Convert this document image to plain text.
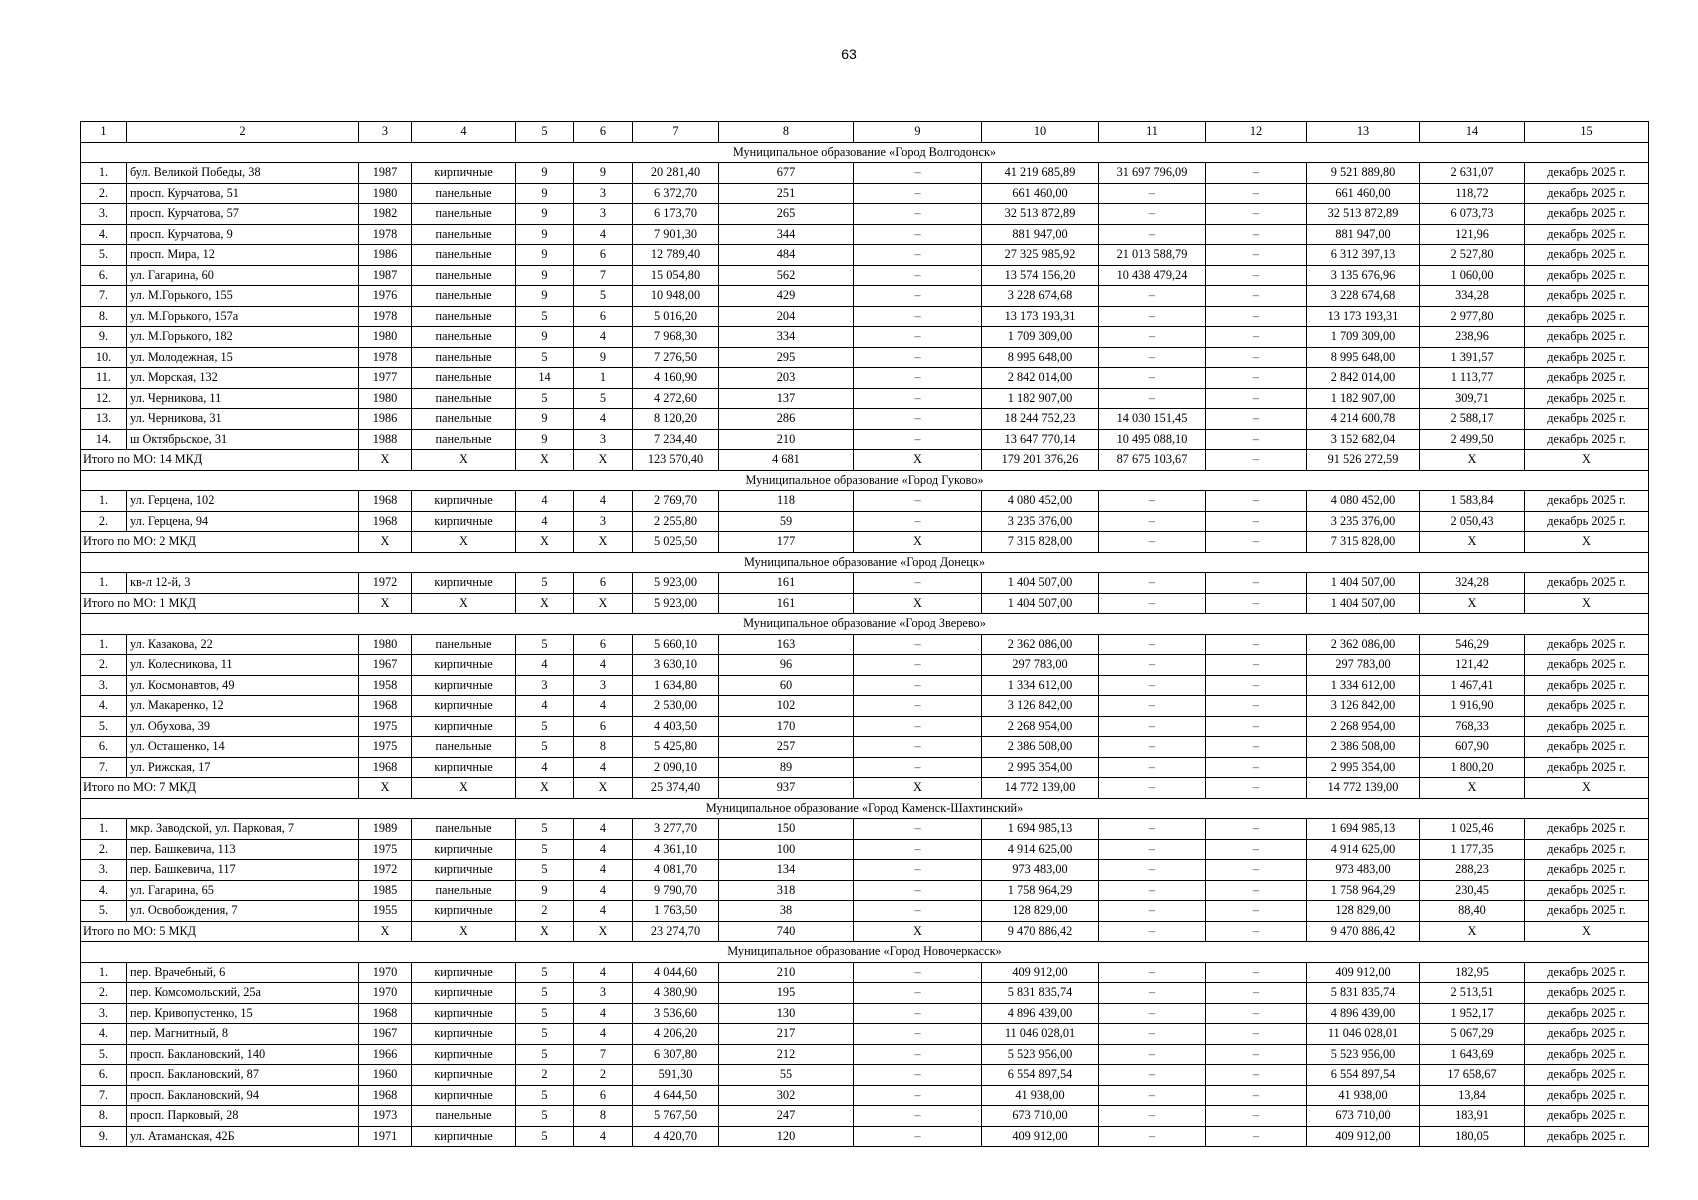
63
1	2	3	4	5	6	7	8	9	10	11	12	13	14	15
Муниципальное образование «Город Волгодонск»														
1.	бул. Великой Победы, 38	1987	кирпичные	9	9	20 281,40	677	–	41 219 685,89	31 697 796,09	–	9 521 889,80	2 631,07	декабрь 2025 г.
2.	просп. Курчатова, 51	1980	панельные	9	3	6 372,70	251	–	661 460,00	–	–	661 460,00	118,72	декабрь 2025 г.
3.	просп. Курчатова, 57	1982	панельные	9	3	6 173,70	265	–	32 513 872,89	–	–	32 513 872,89	6 073,73	декабрь 2025 г.
4.	просп. Курчатова, 9	1978	панельные	9	4	7 901,30	344	–	881 947,00	–	–	881 947,00	121,96	декабрь 2025 г.
5.	просп. Мира, 12	1986	панельные	9	6	12 789,40	484	–	27 325 985,92	21 013 588,79	–	6 312 397,13	2 527,80	декабрь 2025 г.
6.	ул. Гагарина, 60	1987	панельные	9	7	15 054,80	562	–	13 574 156,20	10 438 479,24	–	3 135 676,96	1 060,00	декабрь 2025 г.
7.	ул. М.Горького, 155	1976	панельные	9	5	10 948,00	429	–	3 228 674,68	–	–	3 228 674,68	334,28	декабрь 2025 г.
8.	ул. М.Горького, 157а	1978	панельные	5	6	5 016,20	204	–	13 173 193,31	–	–	13 173 193,31	2 977,80	декабрь 2025 г.
9.	ул. М.Горького, 182	1980	панельные	9	4	7 968,30	334	–	1 709 309,00	–	–	1 709 309,00	238,96	декабрь 2025 г.
10.	ул. Молодежная, 15	1978	панельные	5	9	7 276,50	295	–	8 995 648,00	–	–	8 995 648,00	1 391,57	декабрь 2025 г.
11.	ул. Морская, 132	1977	панельные	14	1	4 160,90	203	–	2 842 014,00	–	–	2 842 014,00	1 113,77	декабрь 2025 г.
12.	ул. Черникова, 11	1980	панельные	5	5	4 272,60	137	–	1 182 907,00	–	–	1 182 907,00	309,71	декабрь 2025 г.
13.	ул. Черникова, 31	1986	панельные	9	4	8 120,20	286	–	18 244 752,23	14 030 151,45	–	4 214 600,78	2 588,17	декабрь 2025 г.
14.	ш Октябрьское, 31	1988	панельные	9	3	7 234,40	210	–	13 647 770,14	10 495 088,10	–	3 152 682,04	2 499,50	декабрь 2025 г.
Итого по МО: 14 МКД		Х	Х	Х	Х	123 570,40	4 681	Х	179 201 376,26	87 675 103,67	–	91 526 272,59	Х	Х
Муниципальное образование «Город Гуково»														
1.	ул. Герцена, 102	1968	кирпичные	4	4	2 769,70	118	–	4 080 452,00	–	–	4 080 452,00	1 583,84	декабрь 2025 г.
2.	ул. Герцена, 94	1968	кирпичные	4	3	2 255,80	59	–	3 235 376,00	–	–	3 235 376,00	2 050,43	декабрь 2025 г.
Итого по МО: 2 МКД		Х	Х	Х	Х	5 025,50	177	Х	7 315 828,00	–	–	7 315 828,00	Х	Х
Муниципальное образование «Город Донецк»														
1.	кв-л 12-й, 3	1972	кирпичные	5	6	5 923,00	161	–	1 404 507,00	–	–	1 404 507,00	324,28	декабрь 2025 г.
Итого по МО: 1 МКД		Х	Х	Х	Х	5 923,00	161	Х	1 404 507,00	–	–	1 404 507,00	Х	Х
Муниципальное образование «Город Зверево»														
1.	ул. Казакова, 22	1980	панельные	5	6	5 660,10	163	–	2 362 086,00	–	–	2 362 086,00	546,29	декабрь 2025 г.
2.	ул. Колесникова, 11	1967	кирпичные	4	4	3 630,10	96	–	297 783,00	–	–	297 783,00	121,42	декабрь 2025 г.
3.	ул. Космонавтов, 49	1958	кирпичные	3	3	1 634,80	60	–	1 334 612,00	–	–	1 334 612,00	1 467,41	декабрь 2025 г.
4.	ул. Макаренко, 12	1968	кирпичные	4	4	2 530,00	102	–	3 126 842,00	–	–	3 126 842,00	1 916,90	декабрь 2025 г.
5.	ул. Обухова, 39	1975	кирпичные	5	6	4 403,50	170	–	2 268 954,00	–	–	2 268 954,00	768,33	декабрь 2025 г.
6.	ул. Осташенко, 14	1975	панельные	5	8	5 425,80	257	–	2 386 508,00	–	–	2 386 508,00	607,90	декабрь 2025 г.
7.	ул. Рижская, 17	1968	кирпичные	4	4	2 090,10	89	–	2 995 354,00	–	–	2 995 354,00	1 800,20	декабрь 2025 г.
Итого по МО: 7 МКД		Х	Х	Х	Х	25 374,40	937	Х	14 772 139,00	–	–	14 772 139,00	Х	Х
Муниципальное образование «Город Каменск-Шахтинский»														
1.	мкр. Заводской, ул. Парковая, 7	1989	панельные	5	4	3 277,70	150	–	1 694 985,13	–	–	1 694 985,13	1 025,46	декабрь 2025 г.
2.	пер. Башкевича, 113	1975	кирпичные	5	4	4 361,10	100	–	4 914 625,00	–	–	4 914 625,00	1 177,35	декабрь 2025 г.
3.	пер. Башкевича, 117	1972	кирпичные	5	4	4 081,70	134	–	973 483,00	–	–	973 483,00	288,23	декабрь 2025 г.
4.	ул. Гагарина, 65	1985	панельные	9	4	9 790,70	318	–	1 758 964,29	–	–	1 758 964,29	230,45	декабрь 2025 г.
5.	ул. Освобождения, 7	1955	кирпичные	2	4	1 763,50	38	–	128 829,00	–	–	128 829,00	88,40	декабрь 2025 г.
Итого по МО: 5 МКД		Х	Х	Х	Х	23 274,70	740	Х	9 470 886,42	–	–	9 470 886,42	Х	Х
Муниципальное образование «Город Новочеркасск»														
1.	пер. Врачебный, 6	1970	кирпичные	5	4	4 044,60	210	–	409 912,00	–	–	409 912,00	182,95	декабрь 2025 г.
2.	пер. Комсомольский, 25а	1970	кирпичные	5	3	4 380,90	195	–	5 831 835,74	–	–	5 831 835,74	2 513,51	декабрь 2025 г.
3.	пер. Кривопустенко, 15	1968	кирпичные	5	4	3 536,60	130	–	4 896 439,00	–	–	4 896 439,00	1 952,17	декабрь 2025 г.
4.	пер. Магнитный, 8	1967	кирпичные	5	4	4 206,20	217	–	11 046 028,01	–	–	11 046 028,01	5 067,29	декабрь 2025 г.
5.	просп. Баклановский, 140	1966	кирпичные	5	7	6 307,80	212	–	5 523 956,00	–	–	5 523 956,00	1 643,69	декабрь 2025 г.
6.	просп. Баклановский, 87	1960	кирпичные	2	2	591,30	55	–	6 554 897,54	–	–	6 554 897,54	17 658,67	декабрь 2025 г.
7.	просп. Баклановский, 94	1968	кирпичные	5	6	4 644,50	302	–	41 938,00	–	–	41 938,00	13,84	декабрь 2025 г.
8.	просп. Парковый, 28	1973	панельные	5	8	5 767,50	247	–	673 710,00	–	–	673 710,00	183,91	декабрь 2025 г.
9.	ул. Атаманская, 42Б	1971	кирпичные	5	4	4 420,70	120	–	409 912,00	–	–	409 912,00	180,05	декабрь 2025 г.
